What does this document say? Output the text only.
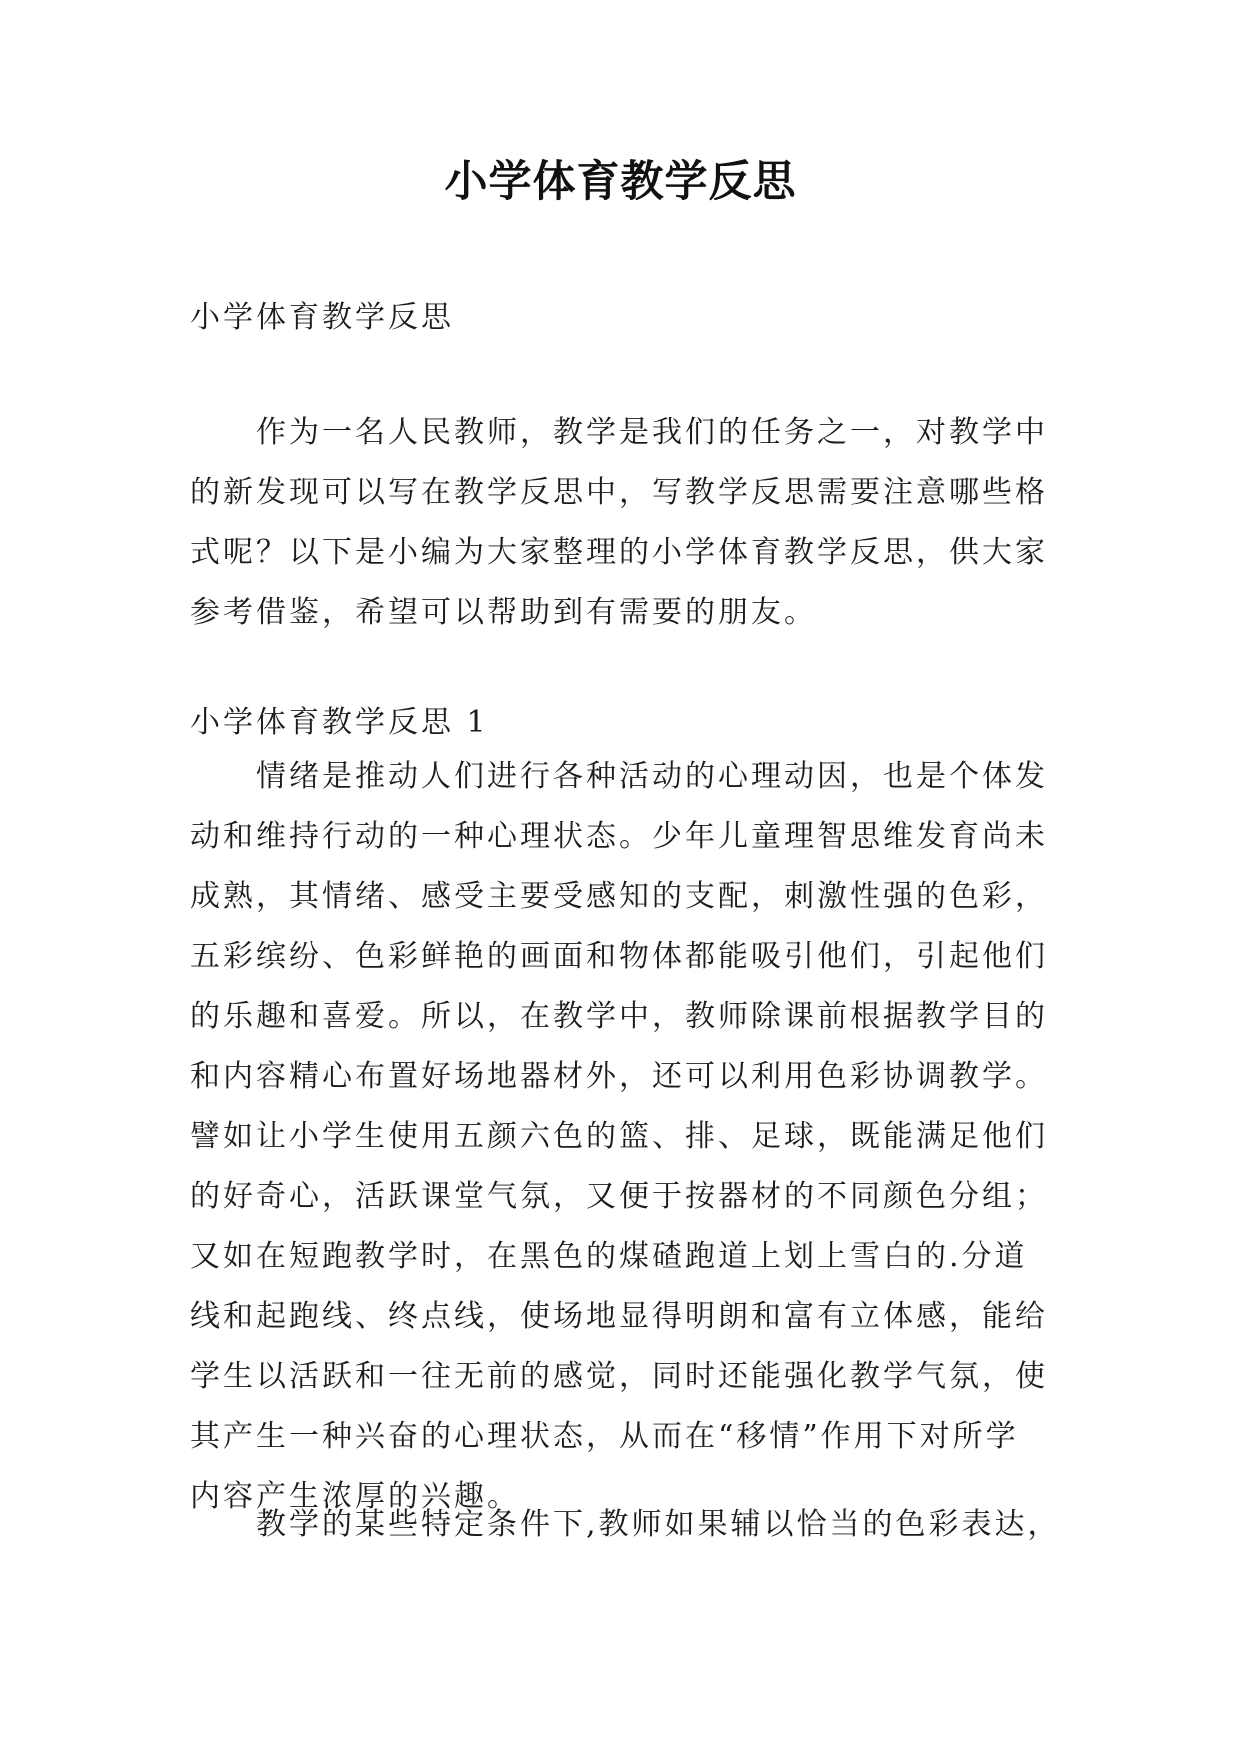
小学体育教学反思
小学体育教学反思
　　作为一名人民教师，教学是我们的任务之一，对教学中
的新发现可以写在教学反思中，写教学反思需要注意哪些格
式呢？以下是小编为大家整理的小学体育教学反思，供大家
参考借鉴，希望可以帮助到有需要的朋友。
小学体育教学反思 1
　　情绪是推动人们进行各种活动的心理动因，也是个体发
动和维持行动的一种心理状态。少年儿童理智思维发育尚未
成熟，其情绪、感受主要受感知的支配，刺激性强的色彩，
五彩缤纷、色彩鲜艳的画面和物体都能吸引他们，引起他们
的乐趣和喜爱。所以，在教学中，教师除课前根据教学目的
和内容精心布置好场地器材外，还可以利用色彩协调教学。
譬如让小学生使用五颜六色的篮、排、足球，既能满足他们
的好奇心，活跃课堂气氛，又便于按器材的不同颜色分组；
又如在短跑教学时，在黑色的煤碴跑道上划上雪白的.分道
线和起跑线、终点线，使场地显得明朗和富有立体感，能给
学生以活跃和一往无前的感觉，同时还能强化教学气氛，使
其产生一种兴奋的心理状态，从而在“移情”作用下对所学
内容产生浓厚的兴趣。
　　教学的某些特定条件下,教师如果辅以恰当的色彩表达，
